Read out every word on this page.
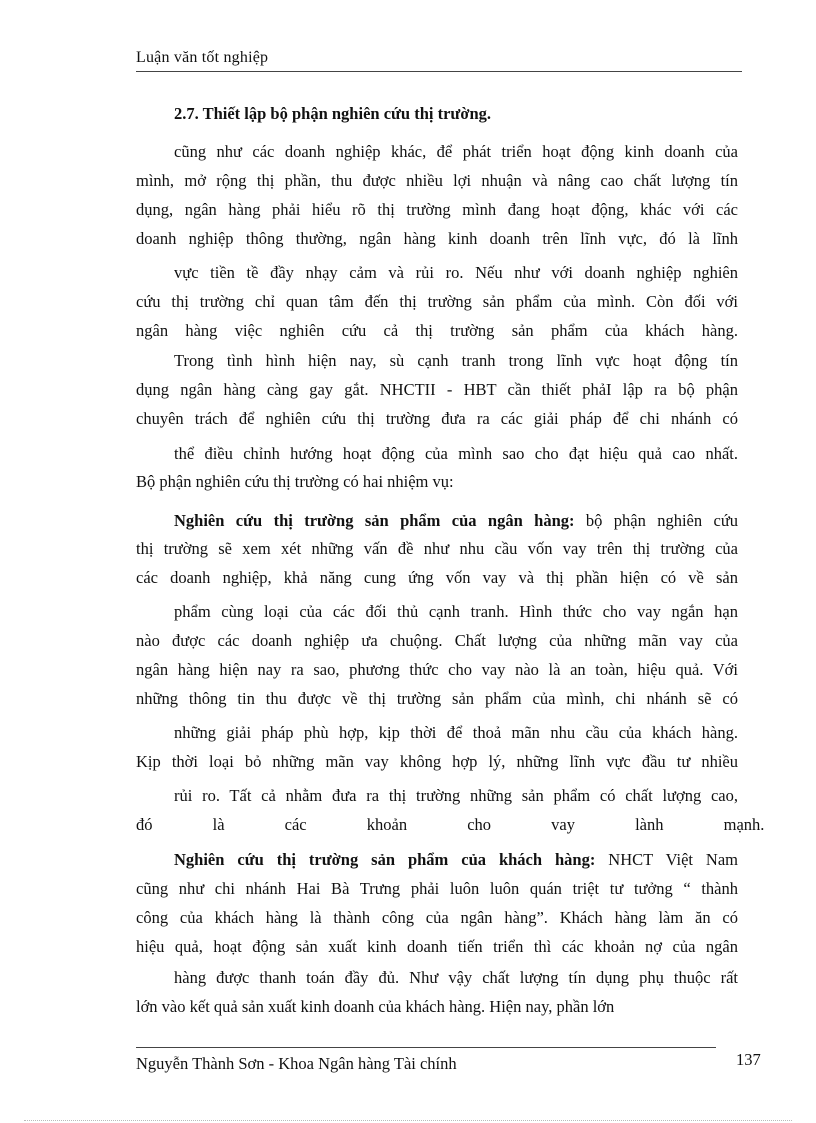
Luận văn tốt nghiệp
2.7. Thiết lập bộ phận nghiên cứu thị trường.
cũng như các doanh nghiệp khác, để phát triển hoạt động kinh doanh của
mình, mở rộng thị phần, thu được nhiều lợi nhuận và nâng cao chất lượng tín
dụng, ngân hàng phải hiểu rõ thị trường mình đang hoạt động, khác với các
doanh nghiệp thông thường, ngân hàng kinh doanh trên lĩnh vực, đó là lĩnh
vực tiền tề đầy nhạy cảm và rủi ro. Nếu như với doanh nghiệp nghiên
cứu thị trường chỉ quan tâm đến thị trường sản phẩm của mình. Còn đối với
ngân hàng việc nghiên cứu cả thị trường sản phẩm của khách hàng.
Trong tình hình hiện nay, sù cạnh tranh trong lĩnh vực hoạt động tín
dụng ngân hàng càng gay gắt. NHCTII - HBT cần thiết phảI lập ra bộ phận
chuyên trách để nghiên cứu thị trường đưa ra các giải pháp để chi nhánh có
thể điều chỉnh hướng hoạt động của mình sao cho đạt hiệu quả cao nhất.
Bộ phận nghiên cứu thị trường có hai nhiệm vụ:
Nghiên cứu thị trường sản phẩm của ngân hàng: bộ phận nghiên cứu
thị trường sẽ xem xét những vấn đề như nhu cầu vốn vay trên thị trường của
các doanh nghiệp, khả năng cung ứng vốn vay và thị phần hiện có về sản
phẩm cùng loại của các đối thủ cạnh tranh. Hình thức cho vay ngắn hạn
nào được các doanh nghiệp ưa chuộng. Chất lượng của những mãn vay của
ngân hàng hiện nay ra sao, phương thức cho vay nào là an toàn, hiệu quả. Với
những thông tin thu được về thị trường sản phẩm của mình, chi nhánh sẽ có
những giải pháp phù hợp, kịp thời để thoả mãn nhu cầu của khách hàng.
Kịp thời loại bỏ những mãn vay không hợp lý, những lĩnh vực đầu tư nhiều
rủi ro. Tất cả nhằm đưa ra thị trường những sản phẩm có chất lượng cao,
đó là các khoản cho vay lành mạnh.
Nghiên cứu thị trường sản phẩm của khách hàng: NHCT Việt Nam
cũng như chi nhánh Hai Bà Trưng phải luôn luôn quán triệt tư tưởng “ thành
công của khách hàng là thành công của ngân hàng”. Khách hàng làm ăn có
hiệu quả, hoạt động sản xuất kinh doanh tiến triển thì các khoản nợ của ngân
hàng được thanh toán đầy đủ. Như vậy chất lượng tín dụng phụ thuộc rất
lớn vào kết quả sản xuất kinh doanh của khách hàng. Hiện nay, phần lớn
Nguyễn Thành Sơn - Khoa Ngân hàng Tài chính	137
